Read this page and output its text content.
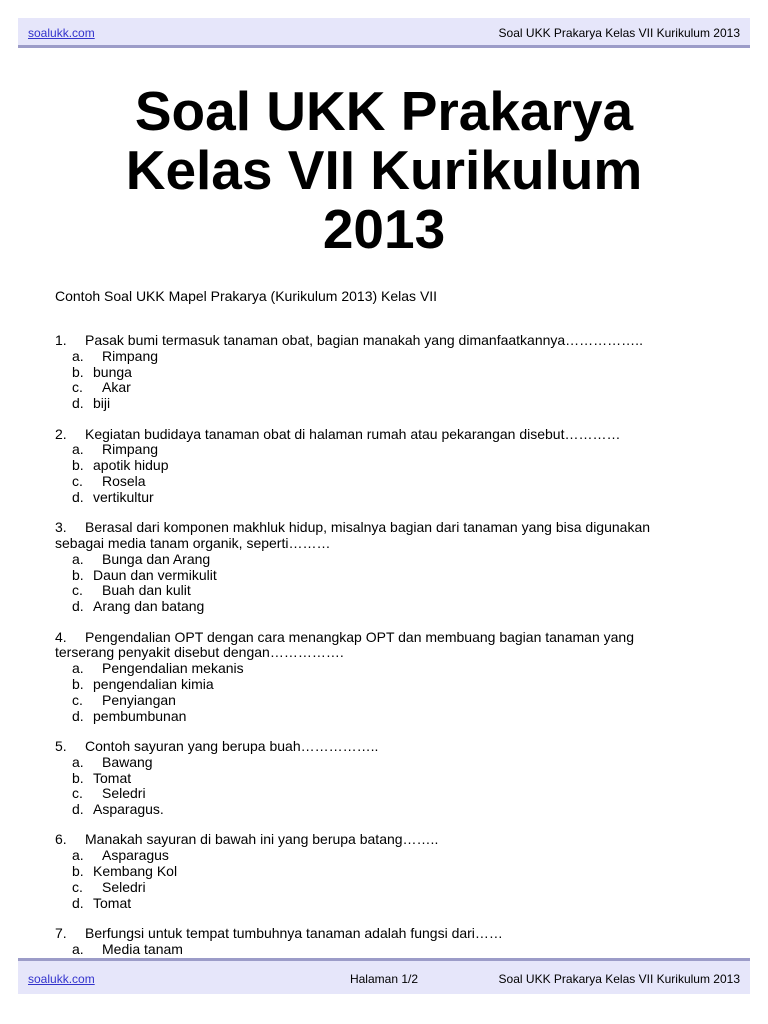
soalukk.com	Soal UKK Prakarya Kelas VII Kurikulum 2013
Soal UKK Prakarya
Kelas VII Kurikulum
2013
Contoh Soal UKK Mapel Prakarya (Kurikulum 2013) Kelas VII
1. Pasak bumi termasuk tanaman obat, bagian manakah yang dimanfaatkannya……………..
a. Rimpang
b. bunga
c. Akar
d. biji
2. Kegiatan budidaya tanaman obat di halaman rumah atau pekarangan disebut…………
a. Rimpang
b. apotik hidup
c. Rosela
d. vertikultur
3. Berasal dari komponen makhluk hidup, misalnya bagian dari tanaman yang bisa digunakan
sebagai media tanam organik, seperti………
a. Bunga dan Arang
b. Daun dan vermikulit
c. Buah dan kulit
d. Arang dan batang
4. Pengendalian OPT dengan cara menangkap OPT dan membuang bagian tanaman yang
terserang penyakit disebut dengan…………….
a. Pengendalian mekanis
b. pengendalian kimia
c. Penyiangan
d. pembumbunan
5. Contoh sayuran yang berupa buah……………..
a. Bawang
b. Tomat
c. Seledri
d. Asparagus.
6. Manakah sayuran di bawah ini yang berupa batang……..
a. Asparagus
b. Kembang Kol
c. Seledri
d. Tomat
7. Berfungsi untuk tempat tumbuhnya tanaman adalah fungsi dari……
a. Media tanam
soalukk.com	Halaman 1/2	Soal UKK Prakarya Kelas VII Kurikulum 2013
